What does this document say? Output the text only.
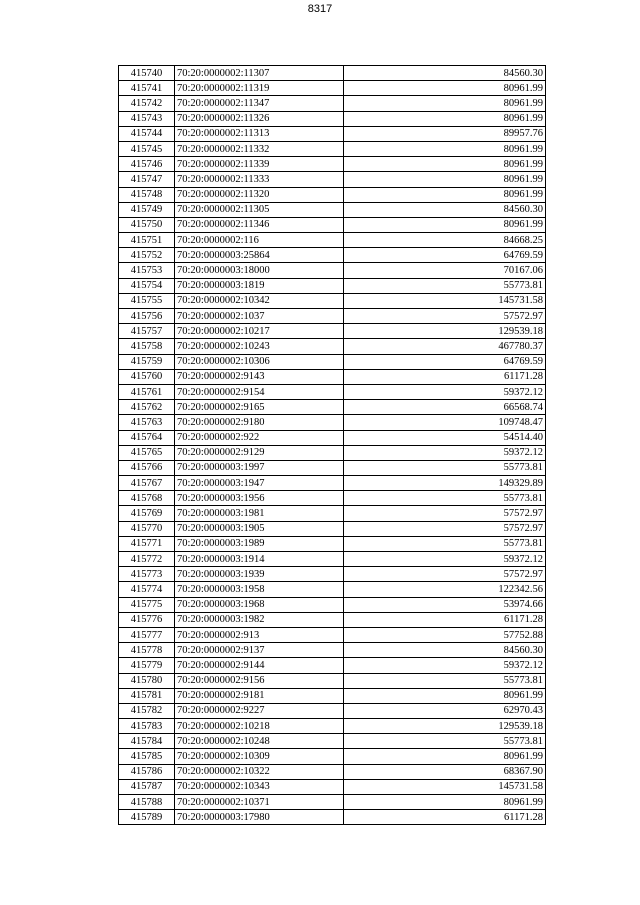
8317
415740	70:20:0000002:11307	84560.30
415741	70:20:0000002:11319	80961.99
415742	70:20:0000002:11347	80961.99
415743	70:20:0000002:11326	80961.99
415744	70:20:0000002:11313	89957.76
415745	70:20:0000002:11332	80961.99
415746	70:20:0000002:11339	80961.99
415747	70:20:0000002:11333	80961.99
415748	70:20:0000002:11320	80961.99
415749	70:20:0000002:11305	84560.30
415750	70:20:0000002:11346	80961.99
415751	70:20:0000002:116	84668.25
415752	70:20:0000003:25864	64769.59
415753	70:20:0000003:18000	70167.06
415754	70:20:0000003:1819	55773.81
415755	70:20:0000002:10342	145731.58
415756	70:20:0000002:1037	57572.97
415757	70:20:0000002:10217	129539.18
415758	70:20:0000002:10243	467780.37
415759	70:20:0000002:10306	64769.59
415760	70:20:0000002:9143	61171.28
415761	70:20:0000002:9154	59372.12
415762	70:20:0000002:9165	66568.74
415763	70:20:0000002:9180	109748.47
415764	70:20:0000002:922	54514.40
415765	70:20:0000002:9129	59372.12
415766	70:20:0000003:1997	55773.81
415767	70:20:0000003:1947	149329.89
415768	70:20:0000003:1956	55773.81
415769	70:20:0000003:1981	57572.97
415770	70:20:0000003:1905	57572.97
415771	70:20:0000003:1989	55773.81
415772	70:20:0000003:1914	59372.12
415773	70:20:0000003:1939	57572.97
415774	70:20:0000003:1958	122342.56
415775	70:20:0000003:1968	53974.66
415776	70:20:0000003:1982	61171.28
415777	70:20:0000002:913	57752.88
415778	70:20:0000002:9137	84560.30
415779	70:20:0000002:9144	59372.12
415780	70:20:0000002:9156	55773.81
415781	70:20:0000002:9181	80961.99
415782	70:20:0000002:9227	62970.43
415783	70:20:0000002:10218	129539.18
415784	70:20:0000002:10248	55773.81
415785	70:20:0000002:10309	80961.99
415786	70:20:0000002:10322	68367.90
415787	70:20:0000002:10343	145731.58
415788	70:20:0000002:10371	80961.99
415789	70:20:0000003:17980	61171.28
